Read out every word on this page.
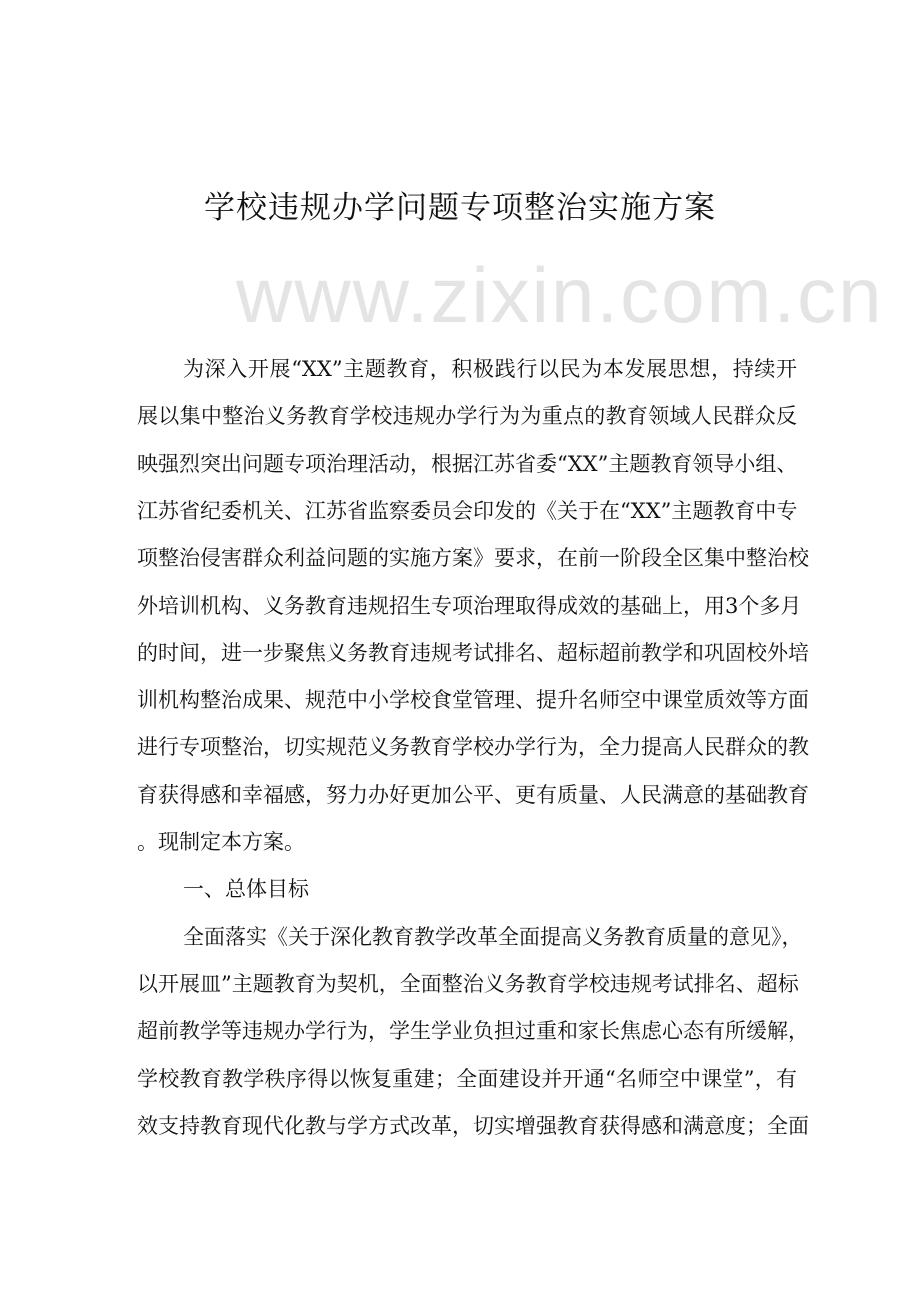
www.zixin.com.cn
学校违规办学问题专项整治实施方案
为深入开展“XX”主题教育，积极践行以民为本发展思想，持续开
展以集中整治义务教育学校违规办学行为为重点的教育领域人民群众反
映强烈突出问题专项治理活动，根据江苏省委“XX”主题教育领导小组、
江苏省纪委机关、江苏省监察委员会印发的《关于在“XX”主题教育中专
项整治侵害群众利益问题的实施方案》要求，在前一阶段全区集中整治校
外培训机构、义务教育违规招生专项治理取得成效的基础上，用3个多月
的时间，进一步聚焦义务教育违规考试排名、超标超前教学和巩固校外培
训机构整治成果、规范中小学校食堂管理、提升名师空中课堂质效等方面
进行专项整治，切实规范义务教育学校办学行为，全力提高人民群众的教
育获得感和幸福感，努力办好更加公平、更有质量、人民满意的基础教育
。现制定本方案。
一、总体目标
全面落实《关于深化教育教学改革全面提高义务教育质量的意见》，
以开展皿”主题教育为契机，全面整治义务教育学校违规考试排名、超标
超前教学等违规办学行为，学生学业负担过重和家长焦虑心态有所缓解，
学校教育教学秩序得以恢复重建；全面建设并开通“名师空中课堂”，有
效支持教育现代化教与学方式改革，切实增强教育获得感和满意度；全面
